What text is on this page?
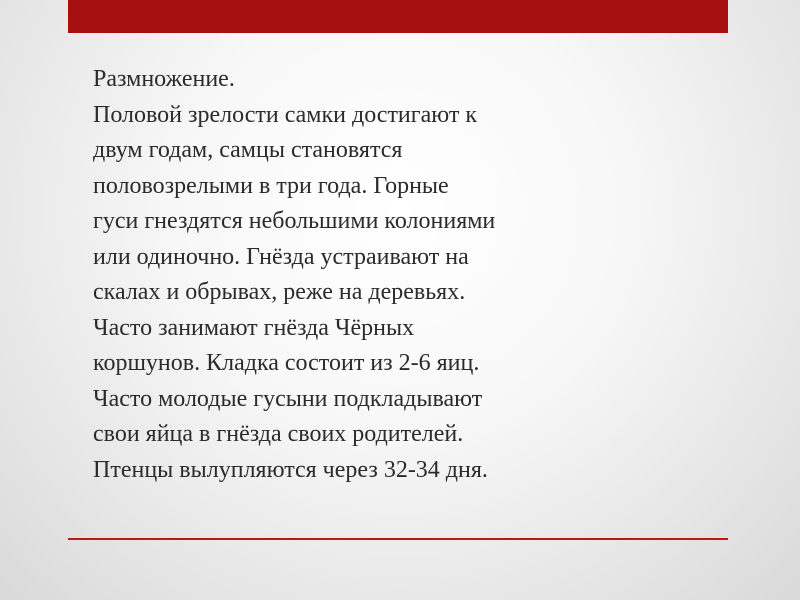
Размножение.
Половой зрелости самки достигают к
двум годам, самцы становятся
половозрелыми в три года. Горные
гуси гнездятся небольшими колониями
или одиночно. Гнёзда устраивают на
скалах и обрывах, реже на деревьях.
Часто занимают гнёзда Чёрных
коршунов. Кладка состоит из 2-6 яиц.
Часто молодые гусыни подкладывают
свои яйца в гнёзда своих родителей.
Птенцы вылупляются через 32-34 дня.
